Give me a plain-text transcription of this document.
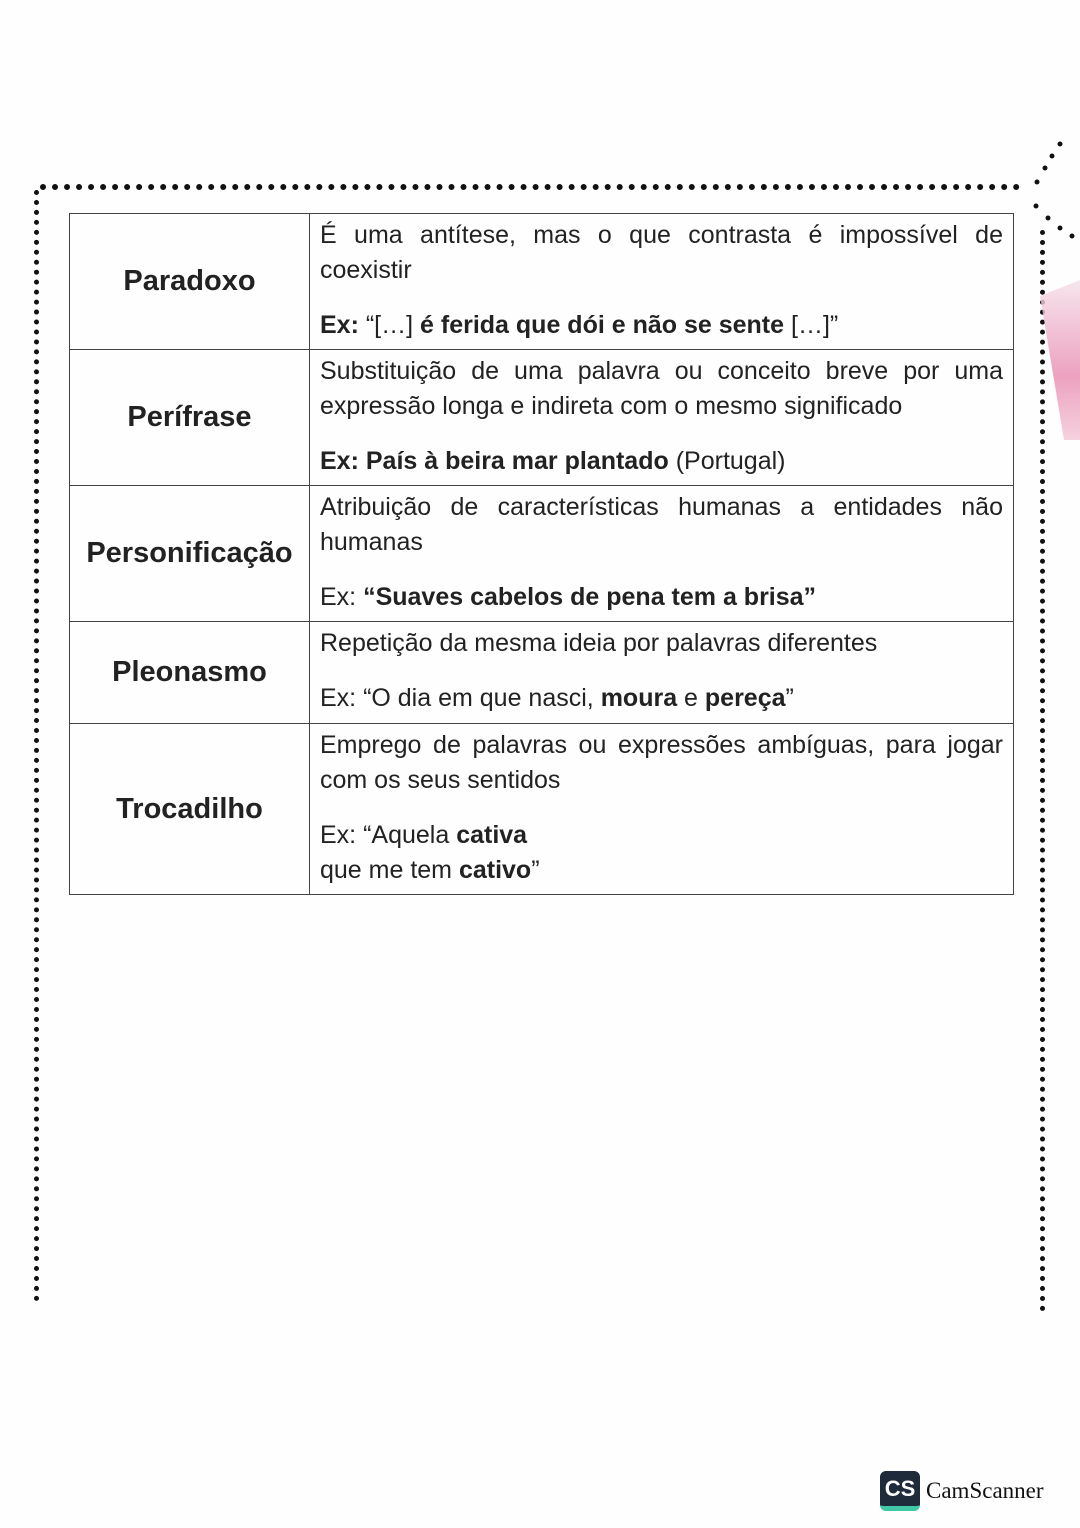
Paradoxo	É uma antítese, mas o que contrasta é impossível de coexistir
Ex: “[…] é ferida que dói e não se sente […]”

Perífrase	Substituição de uma palavra ou conceito breve por uma expressão longa e indireta com o mesmo significado
Ex: País à beira mar plantado (Portugal)

Personificação	Atribuição de características humanas a entidades não humanas
Ex: “Suaves cabelos de pena tem a brisa”

Pleonasmo	Repetição da mesma ideia por palavras diferentes
Ex: “O dia em que nasci, moura e pereça”

Trocadilho	Emprego de palavras ou expressões ambíguas, para jogar com os seus sentidos
Ex: “Aquela cativa
que me tem cativo”
CS CamScanner
